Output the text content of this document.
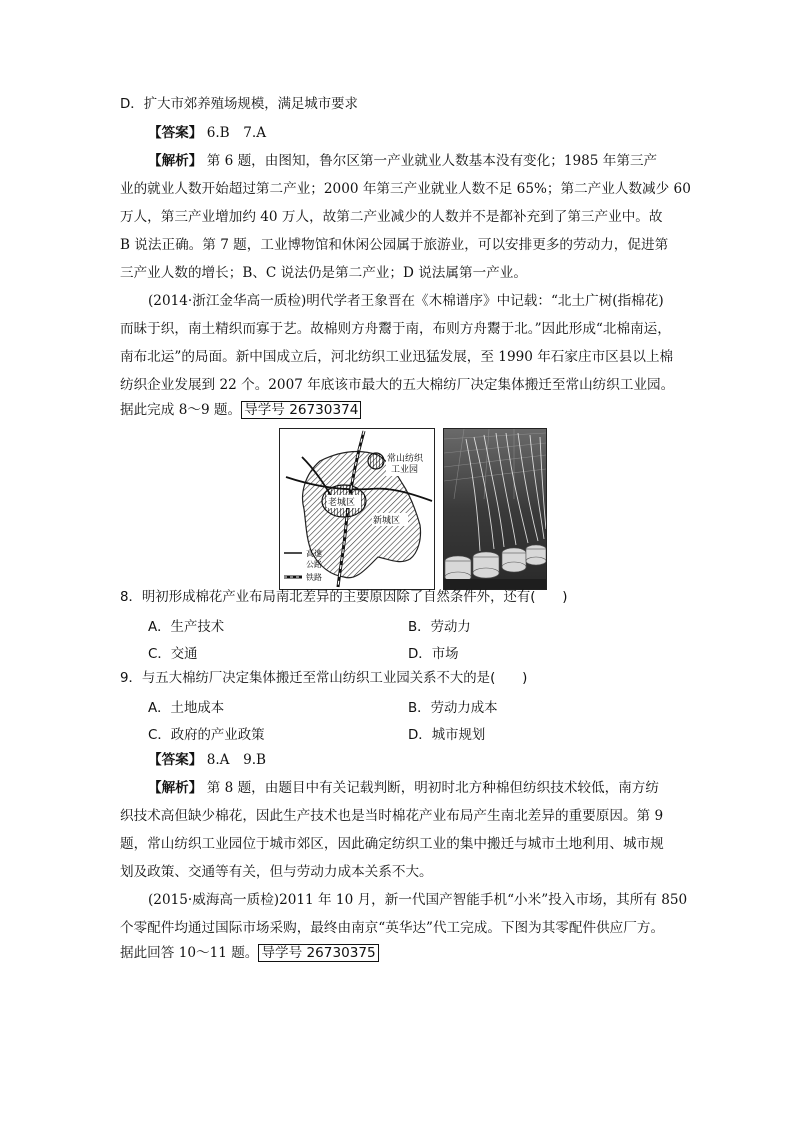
D．扩大市郊养殖场规模，满足城市要求
【答案】 6.B　7.A
【解析】 第 6 题，由图知，鲁尔区第一产业就业人数基本没有变化；1985 年第三产
业的就业人数开始超过第二产业；2000 年第三产业就业人数不足 65%；第二产业人数减少 60
万人，第三产业增加约 40 万人，故第二产业减少的人数并不是都补充到了第三产业中。故
B 说法正确。第 7 题，工业博物馆和休闲公园属于旅游业，可以安排更多的劳动力，促进第
三产业人数的增长；B、C 说法仍是第二产业；D 说法属第一产业。
(2014·浙江金华高一质检)明代学者王象晋在《木棉谱序》中记载：“北土广树(指棉花)
而昧于织，南土精织而寡于艺。故棉则方舟鬻于南，布则方舟鬻于北。”因此形成“北棉南运，
南布北运”的局面。新中国成立后，河北纺织工业迅猛发展，至 1990 年石家庄市区县以上棉
纺织企业发展到 22 个。2007 年底该市最大的五大棉纺厂决定集体搬迁至常山纺织工业园。
据此完成 8～9 题。 导学号 26730374
常山纺织
工业园
老城区
新城区
高速
公路
铁路
8．明初形成棉花产业布局南北差异的主要原因除了自然条件外，还有(　　)
A．生产技术	B．劳动力
C．交通	D．市场
9．与五大棉纺厂决定集体搬迁至常山纺织工业园关系不大的是(　　)
A．土地成本	B．劳动力成本
C．政府的产业政策	D．城市规划
【答案】 8.A　9.B
【解析】 第 8 题，由题目中有关记载判断，明初时北方种棉但纺织技术较低，南方纺
织技术高但缺少棉花，因此生产技术也是当时棉花产业布局产生南北差异的重要原因。第 9
题，常山纺织工业园位于城市郊区，因此确定纺织工业的集中搬迁与城市土地利用、城市规
划及政策、交通等有关，但与劳动力成本关系不大。
(2015·威海高一质检)2011 年 10 月，新一代国产智能手机“小米”投入市场，其所有 850
个零配件均通过国际市场采购，最终由南京“英华达”代工完成。下图为其零配件供应厂方。
据此回答 10～11 题。 导学号 26730375
